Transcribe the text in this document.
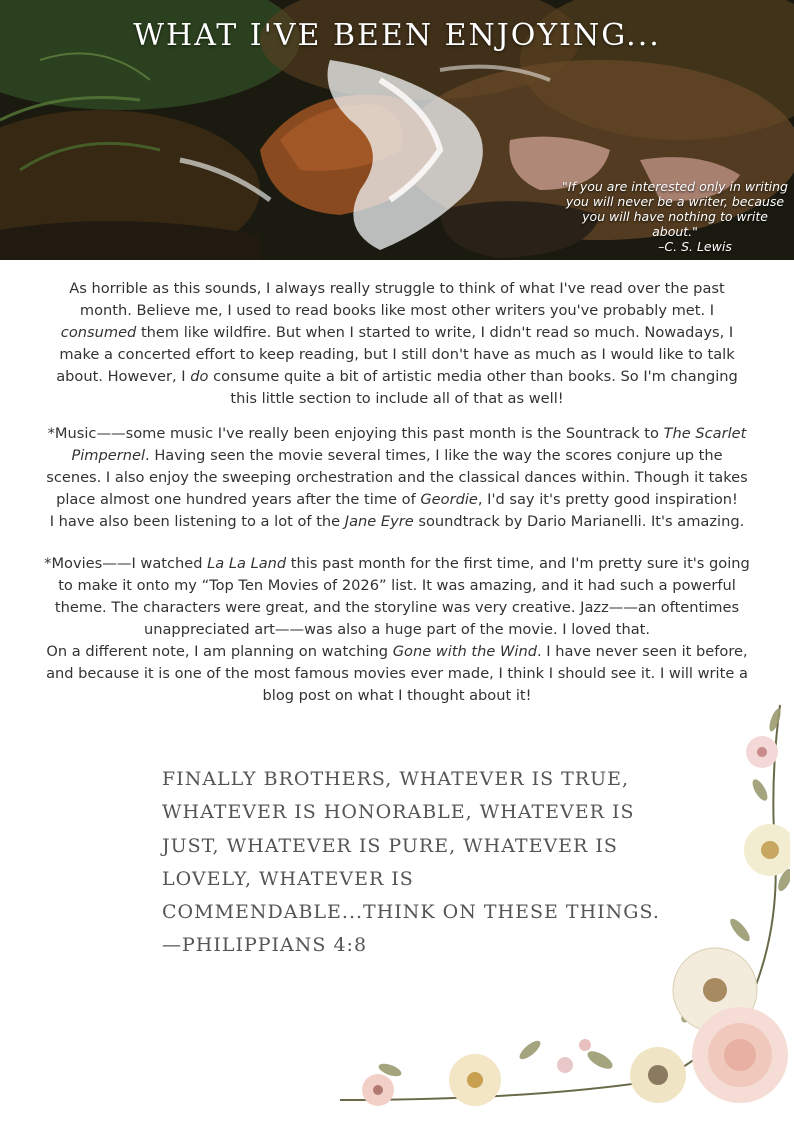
WHAT I'VE BEEN ENJOYING...
"If you are interested only in writing
you will never be a writer, because
you will have nothing to write
about."
–C. S. Lewis

As horrible as this sounds, I always really struggle to think of what I've read over the past month. Believe me, I used to read books like most other writers you've probably met. I consumed them like wildfire. But when I started to write, I didn't read so much. Nowadays, I make a concerted effort to keep reading, but I still don't have as much as I would like to talk about. However, I do consume quite a bit of artistic media other than books. So I'm changing this little section to include all of that as well!

*Music——some music I've really been enjoying this past month is the Sountrack to The Scarlet Pimpernel. Having seen the movie several times, I like the way the scores conjure up the scenes. I also enjoy the sweeping orchestration and the classical dances within. Though it takes place almost one hundred years after the time of Geordie, I'd say it's pretty good inspiration!

I have also been listening to a lot of the Jane Eyre soundtrack by Dario Marianelli. It's amazing.

*Movies——I watched La La Land this past month for the first time, and I'm pretty sure it's going to make it onto my “Top Ten Movies of 2026” list. It was amazing, and it had such a powerful theme. The characters were great, and the storyline was very creative. Jazz——an oftentimes unappreciated art——was also a huge part of the movie. I loved that.

On a different note, I am planning on watching Gone with the Wind. I have never seen it before, and because it is one of the most famous movies ever made, I think I should see it. I will write a blog post on what I thought about it!

FINALLY BROTHERS, WHATEVER IS TRUE,
WHATEVER IS HONORABLE, WHATEVER IS
JUST, WHATEVER IS PURE, WHATEVER IS
LOVELY, WHATEVER IS
COMMENDABLE...THINK ON THESE THINGS.
—PHILIPPIANS 4:8
